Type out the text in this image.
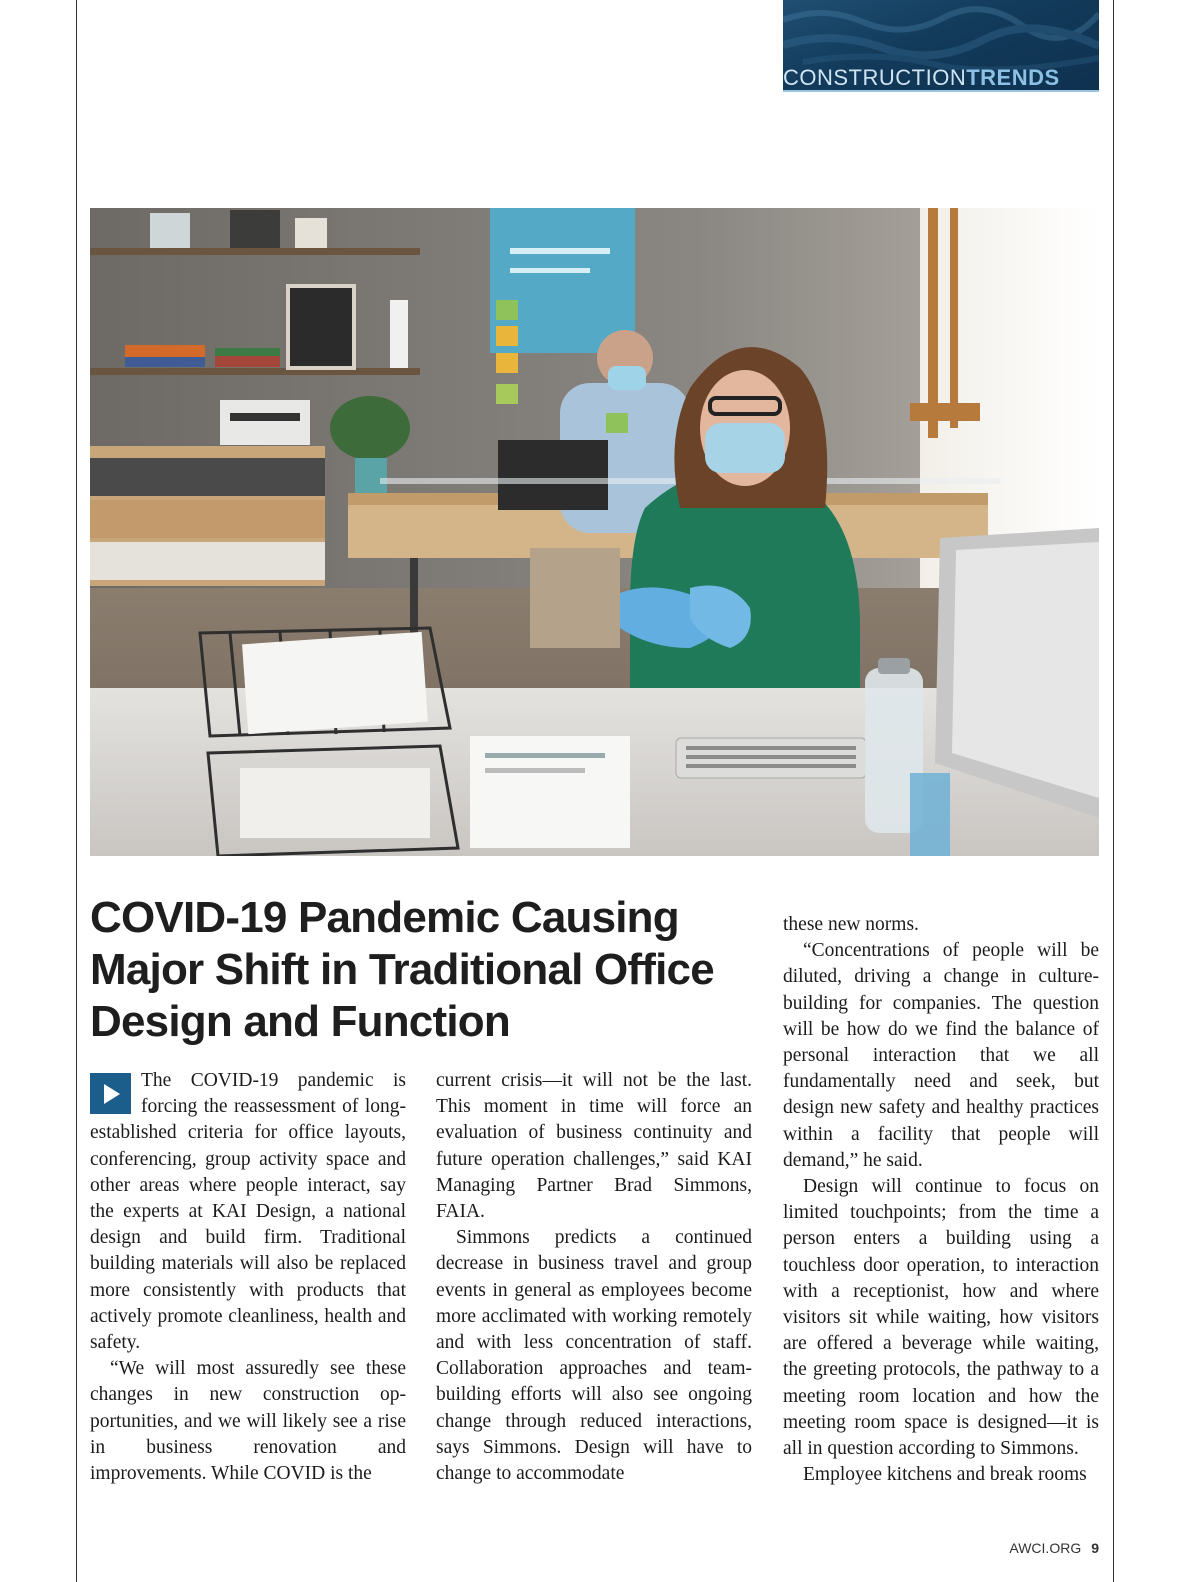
CONSTRUCTIONTRENDS
COVID-19 Pandemic Causing Major Shift in Traditional Office Design and Function

The COVID-19 pandemic is forcing the reassessment of long-established criteria for office layouts, conferencing, group activity space and other areas where people interact, say the experts at KAI Design, a national design and build firm. Traditional building materials will also be replaced more consistently with products that actively promote cleanliness, health and safety.

“We will most assuredly see these changes in new construction opportunities, and we will likely see a rise in business renovation and improvements. While COVID is the

current crisis—it will not be the last. This moment in time will force an evaluation of business continuity and future operation challenges,” said KAI Managing Partner Brad Simmons, FAIA.

Simmons predicts a continued decrease in business travel and group events in general as employees become more acclimated with working remotely and with less concentration of staff. Collaboration approaches and team-building efforts will also see ongoing change through reduced interactions, says Simmons. Design will have to change to accommodate

these new norms.

“Concentrations of people will be diluted, driving a change in culture-building for companies. The question will be how do we find the balance of personal interaction that we all fundamentally need and seek, but design new safety and healthy practices within a facility that people will demand,” he said.

Design will continue to focus on limited touchpoints; from the time a person enters a building using a touchless door operation, to interaction with a receptionist, how and where visitors sit while waiting, how visitors are offered a beverage while waiting, the greeting protocols, the pathway to a meeting room location and how the meeting room space is designed—it is all in question according to Simmons.

Employee kitchens and break rooms

AWCI.ORG 9
